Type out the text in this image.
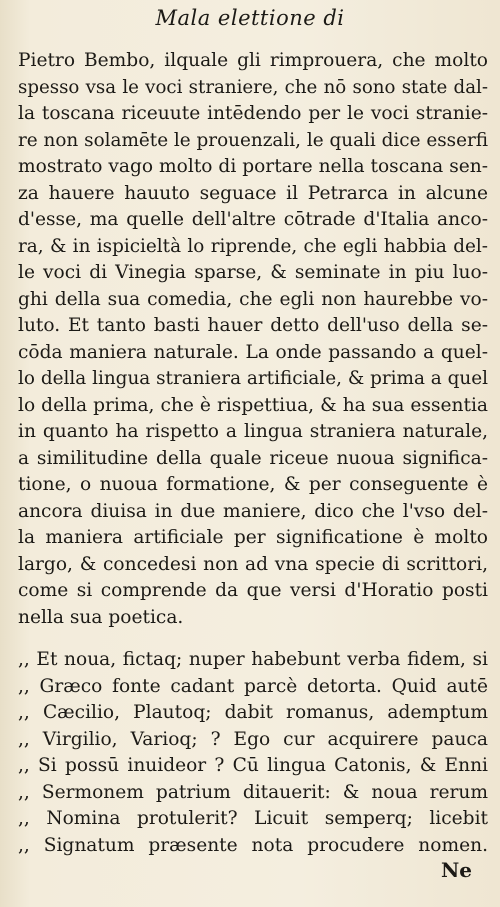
Mala elettione di
Pietro Bembo, ilquale gli rimprouera, che molto
spesso vsa le voci straniere, che nō sono state dal-
la toscana riceuute intēdendo per le voci stranie-
re non solamēte le prouenzali, le quali dice esserfi
mostrato vago molto di portare nella toscana sen-
za hauere hauuto seguace il Petrarca in alcune
d'esse, ma quelle dell'altre cōtrade d'Italia anco-
ra, & in ispicieltà lo riprende, che egli habbia del-
le voci di Vinegia sparse, & seminate in piu luo-
ghi della sua comedia, che egli non haurebbe vo-
luto. Et tanto basti hauer detto dell'uso della se-
cōda maniera naturale. La onde passando a quel-
lo della lingua straniera artificiale, & prima a quel
lo della prima, che è rispettiua, & ha sua essentia
in quanto ha rispetto a lingua straniera naturale,
a similitudine della quale riceue nuoua significa-
tione, o nuoua formatione, & per conseguente è
ancora diuisa in due maniere, dico che l'vso del-
la maniera artificiale per significatione è molto
largo, & concedesi non ad vna specie di scrittori,
come si comprende da que versi d'Horatio posti
nella sua poetica.
,, Et noua, fictaq; nuper habebunt verba fidem, si
,, Græco fonte cadant parcè detorta. Quid autē
,, Cæcilio, Plautoq; dabit romanus, ademptum
,, Virgilio, Varioq; ? Ego cur acquirere pauca
,, Si possū inuideor ? Cū lingua Catonis, & Enni
,, Sermonem patrium ditauerit: & noua rerum
,, Nomina protulerit? Licuit semperq; licebit
,, Signatum præsente nota procudere nomen.
Ne
